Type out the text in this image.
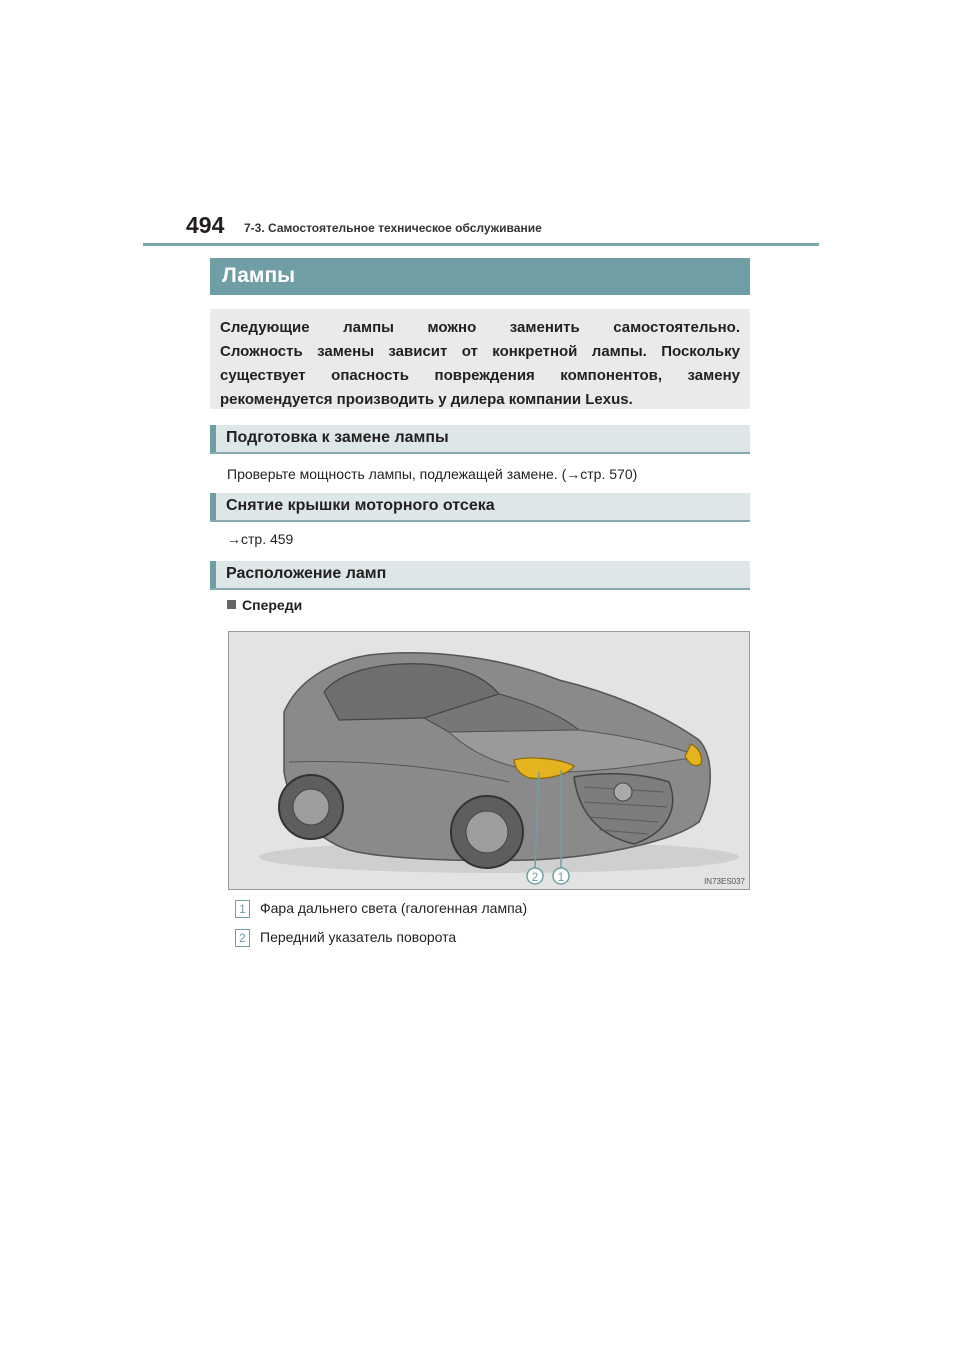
494 7-3. Самостоятельное техническое обслуживание
Лампы

Следующие лампы можно заменить самостоятельно.

Сложность замены зависит от конкретной лампы. Поскольку

существует опасность повреждения компонентов, замену

рекомендуется производить у дилера компании Lexus.

Подготовка к замене лампы
Проверьте мощность лампы, подлежащей замене. (→стр. 570)
Снятие крышки моторного отсека
→стр. 459
Расположение ламп
Спереди
2 1	IN73ES037
1 Фара дальнего света (галогенная лампа)
2 Передний указатель поворота
